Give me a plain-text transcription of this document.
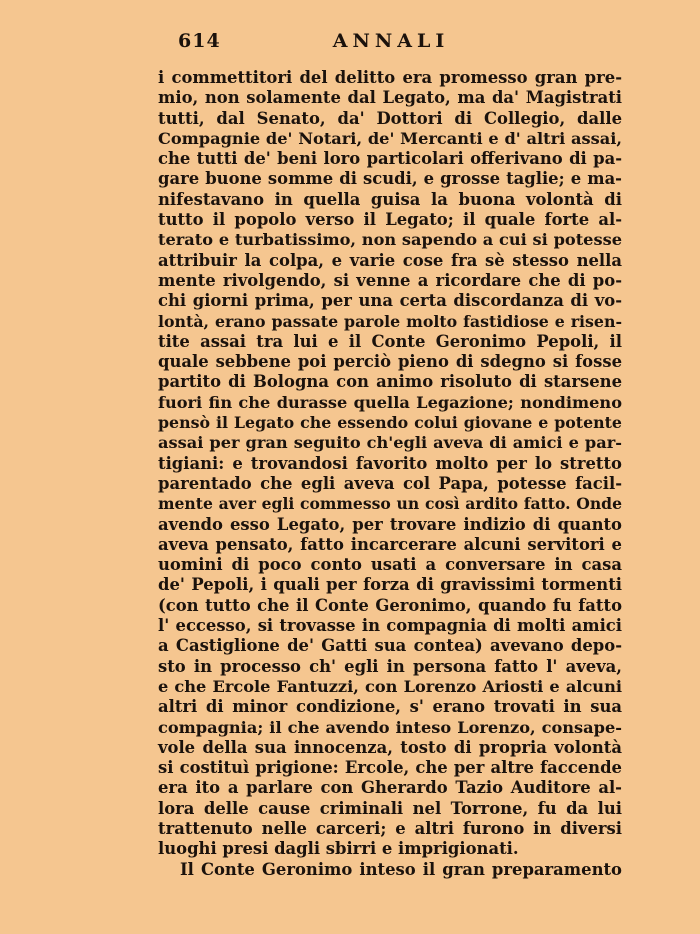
614	ANNALI
i commettitori del delitto era promesso gran pre-
mio, non solamente dal Legato, ma da' Magistrati
tutti, dal Senato, da' Dottori di Collegio, dalle
Compagnie de' Notari, de' Mercanti e d' altri assai,
che tutti de' beni loro particolari offerivano di pa-
gare buone somme di scudi, e grosse taglie; e ma-
nifestavano in quella guisa la buona volontà di
tutto il popolo verso il Legato; il quale forte al-
terato e turbatissimo, non sapendo a cui si potesse
attribuir la colpa, e varie cose fra sè stesso nella
mente rivolgendo, si venne a ricordare che di po-
chi giorni prima, per una certa discordanza di vo-
lontà, erano passate parole molto fastidiose e risen-
tite assai tra lui e il Conte Geronimo Pepoli, il
quale sebbene poi perciò pieno di sdegno si fosse
partito di Bologna con animo risoluto di starsene
fuori fin che durasse quella Legazione; nondimeno
pensò il Legato che essendo colui giovane e potente
assai per gran seguito ch'egli aveva di amici e par-
tigiani: e trovandosi favorito molto per lo stretto
parentado che egli aveva col Papa, potesse facil-
mente aver egli commesso un così ardito fatto. Onde
avendo esso Legato, per trovare indizio di quanto
aveva pensato, fatto incarcerare alcuni servitori e
uomini di poco conto usati a conversare in casa
de' Pepoli, i quali per forza di gravissimi tormenti
(con tutto che il Conte Geronimo, quando fu fatto
l' eccesso, si trovasse in compagnia di molti amici
a Castiglione de' Gatti sua contea) avevano depo-
sto in processo ch' egli in persona fatto l' aveva,
e che Ercole Fantuzzi, con Lorenzo Ariosti e alcuni
altri di minor condizione, s' erano trovati in sua
compagnia; il che avendo inteso Lorenzo, consape-
vole della sua innocenza, tosto di propria volontà
si costituì prigione: Ercole, che per altre faccende
era ito a parlare con Gherardo Tazio Auditore al-
lora delle cause criminali nel Torrone, fu da lui
trattenuto nelle carceri; e altri furono in diversi
luoghi presi dagli sbirri e imprigionati.
Il Conte Geronimo inteso il gran preparamento
